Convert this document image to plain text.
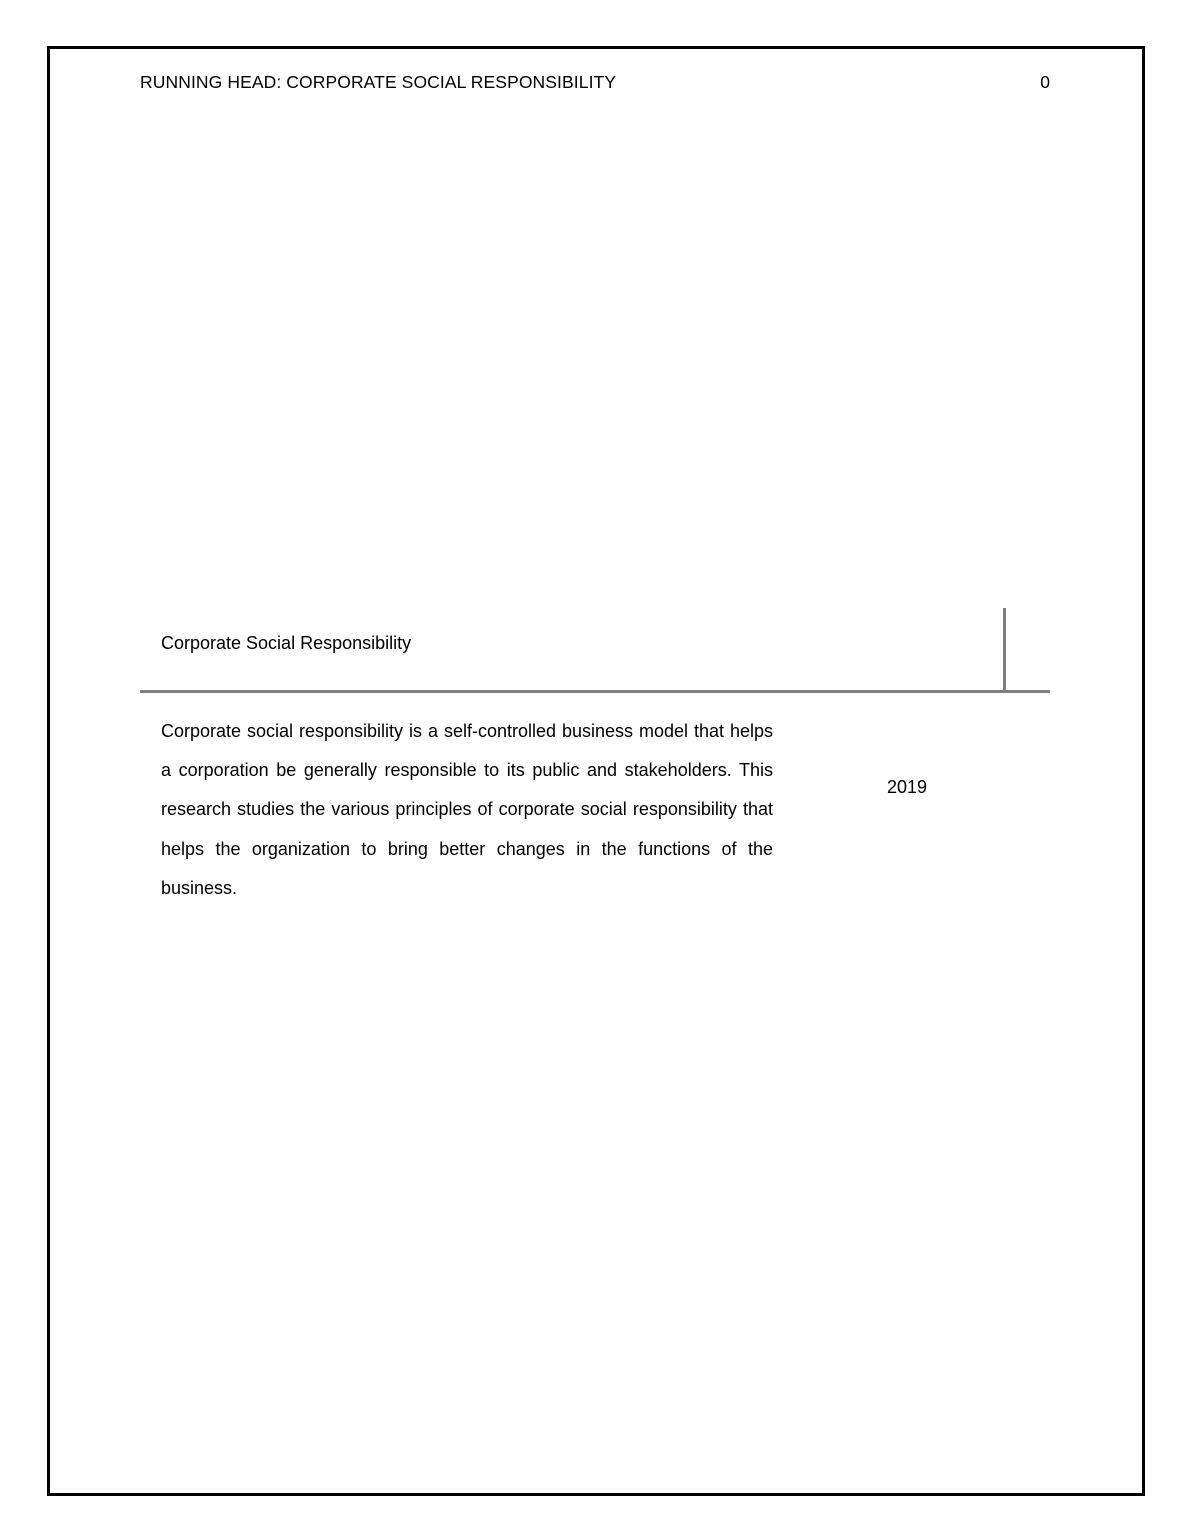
RUNNING HEAD: CORPORATE SOCIAL RESPONSIBILITY	0
Corporate Social Responsibility

Corporate social responsibility is a self-controlled business model that helps a corporation be generally responsible to its public and stakeholders. This research studies the various principles of corporate social responsibility that helps the organization to bring better changes in the functions of the business.

2019
